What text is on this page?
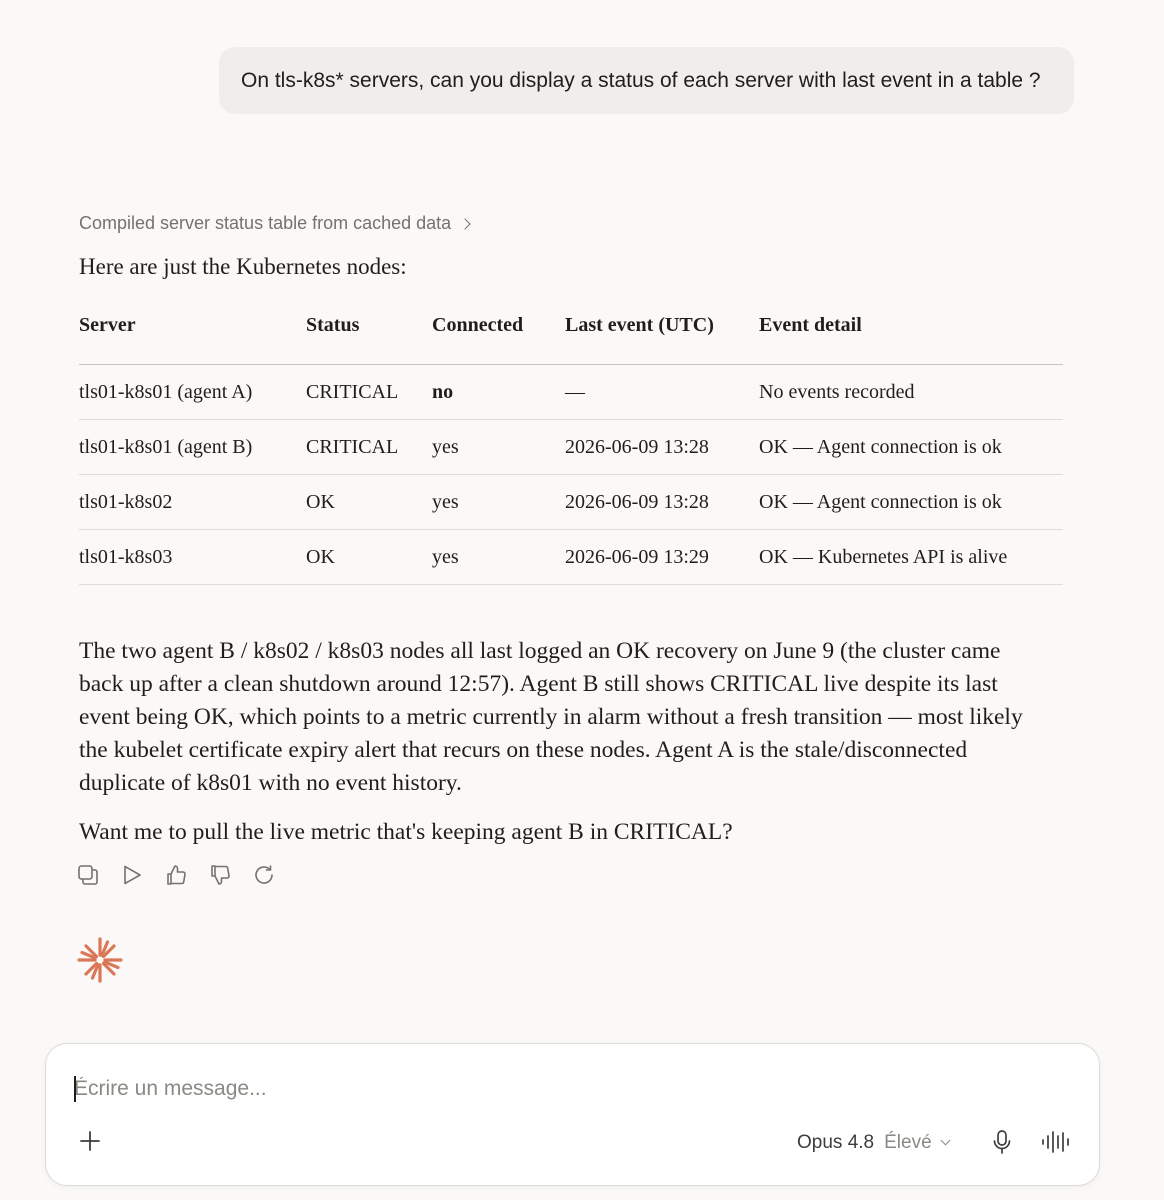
On tls-k8s* servers, can you display a status of each server with last event in a table ?
Compiled server status table from cached data
Here are just the Kubernetes nodes:
Server	Status	Connected	Last event (UTC)	Event detail
tls01-k8s01 (agent A)	CRITICAL	no	—	No events recorded
tls01-k8s01 (agent B)	CRITICAL	yes	2026-06-09 13:28	OK — Agent connection is ok
tls01-k8s02	OK	yes	2026-06-09 13:28	OK — Agent connection is ok
tls01-k8s03	OK	yes	2026-06-09 13:29	OK — Kubernetes API is alive

The two agent B / k8s02 / k8s03 nodes all last logged an OK recovery on June 9 (the cluster came back up after a clean shutdown around 12:57). Agent B still shows CRITICAL live despite its last event being OK, which points to a metric currently in alarm without a fresh transition — most likely the kubelet certificate expiry alert that recurs on these nodes. Agent A is the stale/disconnected duplicate of k8s01 with no event history.

Want me to pull the live metric that's keeping agent B in CRITICAL?

Écrire un message...
Opus 4.8 Élevé
